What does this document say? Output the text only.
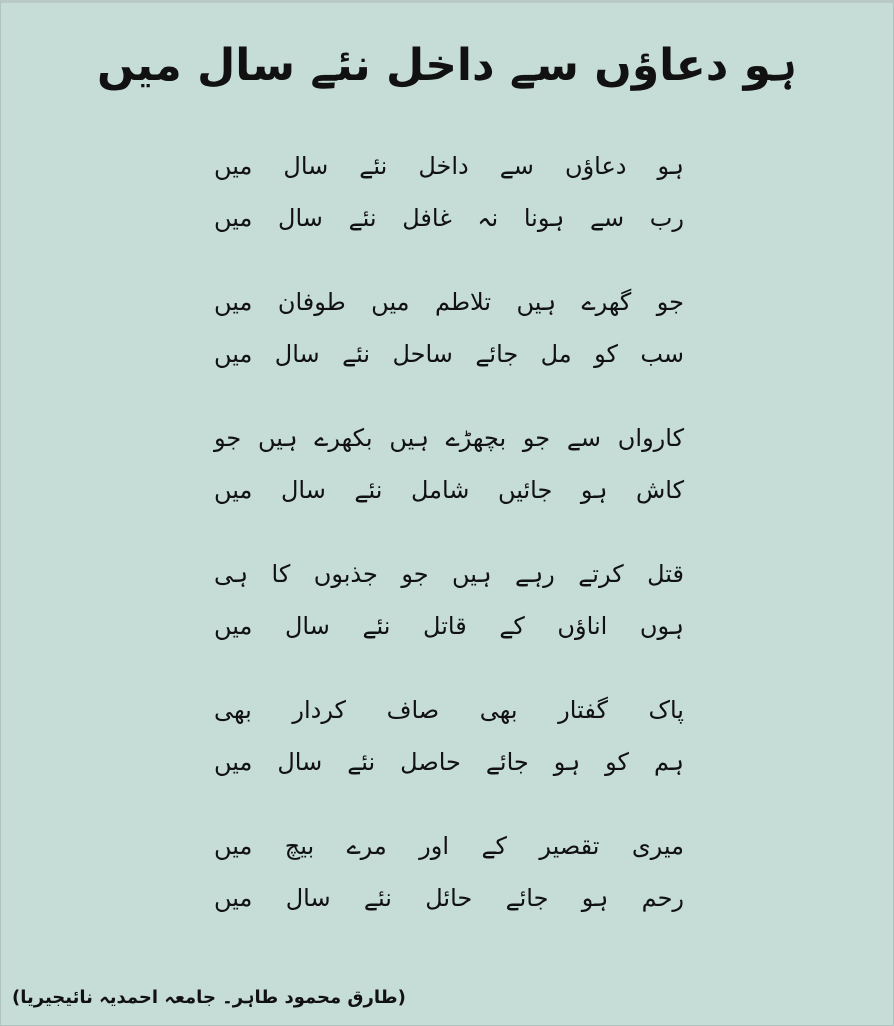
ہو دعاؤں سے داخل نئے سال میں
ہو دعاؤں سے داخل نئے سال میں
رب سے ہونا نہ غافل نئے سال میں
جو گھرے ہیں تلاطم میں طوفان میں
سب کو مل جائے ساحل نئے سال میں
کارواں سے جو بچھڑے ہیں بکھرے ہیں جو
کاش ہو جائیں شامل نئے سال میں
قتل کرتے رہے ہیں جو جذبوں کا ہی
ہوں اناؤں کے قاتل نئے سال میں
پاک گفتار بھی صاف کردار بھی
ہم کو ہو جائے حاصل نئے سال میں
میری تقصیر کے اور مرے بیچ میں
رحم ہو جائے حائل نئے سال میں
(طارق محمود طاہر۔ جامعہ احمدیہ نائیجیریا)
